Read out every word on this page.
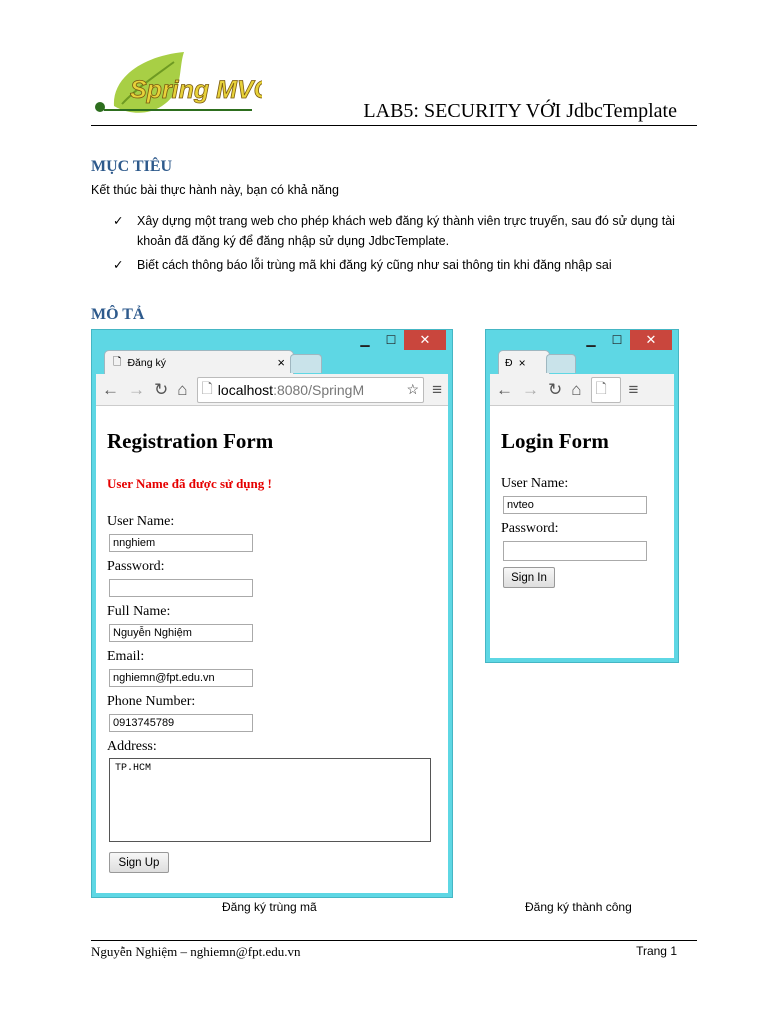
Spring MVC
LAB5: SECURITY VỚI JdbcTemplate
MỤC TIÊU
Kết thúc bài thực hành này, bạn có khả năng
✓ Xây dựng một trang web cho phép khách web đăng ký thành viên trực truyến, sau đó sử dụng tài khoản đã đăng ký để đăng nhập sử dụng JdbcTemplate.
✓ Biết cách thông báo lỗi trùng mã khi đăng ký cũng như sai thông tin khi đăng nhập sai
MÔ TẢ
▁	☐	✕
🗋 Đăng ký	×
← → ↻ ⌂ 🗋 localhost :8080/SpringM	☆ ≡
Registration Form
User Name đã được sử dụng !
User Name:
nnghiem
Password:
Full Name:
Nguyễn Nghiệm
Email:
nghiemn@fpt.edu.vn
Phone Number:
0913745789
Address:
TP.HCM
Sign Up
▁	☐	✕
Đ ×
← → ↻ ⌂ 🗋 ≡
Login Form
User Name:
nvteo
Password:
Sign In
Đăng ký trùng mã	Đăng ký thành công
Nguyễn Nghiệm – nghiemn@fpt.edu.vn	Trang 1
